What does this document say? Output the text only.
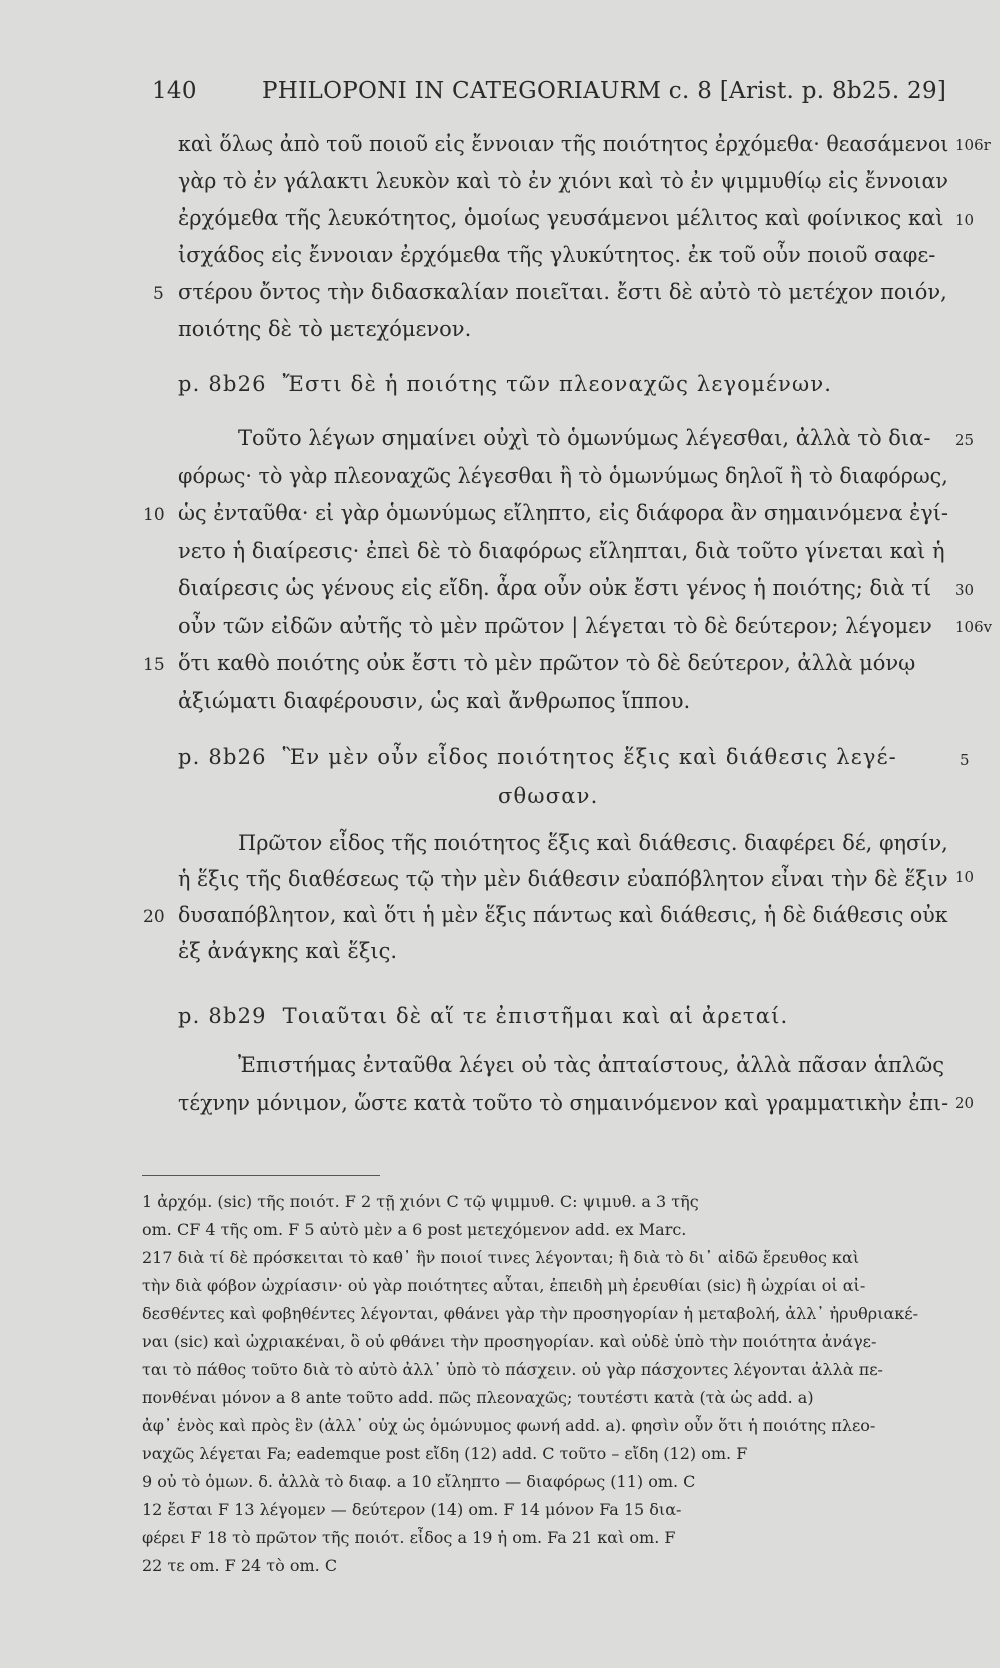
140	PHILOPONI IN CATEGORIAURM c. 8 [Arist. p. 8b25. 29]
καὶ ὅλως ἀπὸ τοῦ ποιοῦ εἰς ἔννοιαν τῆς ποιότητος ἐρχόμεθα· θεασάμενοι
γὰρ τὸ ἐν γάλακτι λευκὸν καὶ τὸ ἐν χιόνι καὶ τὸ ἐν ψιμμυθίῳ εἰς ἔννοιαν
ἐρχόμεθα τῆς λευκότητος, ὁμοίως γευσάμενοι μέλιτος καὶ φοίνικος καὶ
ἰσχάδος εἰς ἔννοιαν ἐρχόμεθα τῆς γλυκύτητος. ἐκ τοῦ οὖν ποιοῦ σαφε-
στέρου ὄντος τὴν διδασκαλίαν ποιεῖται. ἔστι δὲ αὐτὸ τὸ μετέχον ποιόν,
ποιότης δὲ τὸ μετεχόμενον.
p. 8b26 Ἔστι δὲ ἡ ποιότης τῶν πλεοναχῶς λεγομένων.
Τοῦτο λέγων σημαίνει οὐχὶ τὸ ὁμωνύμως λέγεσθαι, ἀλλὰ τὸ δια-
φόρως· τὸ γὰρ πλεοναχῶς λέγεσθαι ἢ τὸ ὁμωνύμως δηλοῖ ἢ τὸ διαφόρως,
ὡς ἐνταῦθα· εἰ γὰρ ὁμωνύμως εἴληπτο, εἰς διάφορα ἂν σημαινόμενα ἐγί-
νετο ἡ διαίρεσις· ἐπεὶ δὲ τὸ διαφόρως εἴληπται, διὰ τοῦτο γίνεται καὶ ἡ
διαίρεσις ὡς γένους εἰς εἴδη. ἆρα οὖν οὐκ ἔστι γένος ἡ ποιότης; διὰ τί
οὖν τῶν εἰδῶν αὐτῆς τὸ μὲν πρῶτον | λέγεται τὸ δὲ δεύτερον; λέγομεν
ὅτι καθὸ ποιότης οὐκ ἔστι τὸ μὲν πρῶτον τὸ δὲ δεύτερον, ἀλλὰ μόνῳ
ἀξιώματι διαφέρουσιν, ὡς καὶ ἄνθρωπος ἵππου.
p. 8b26 Ἓν μὲν οὖν εἶδος ποιότητος ἕξις καὶ διάθεσις λεγέ-
σθωσαν.
Πρῶτον εἶδος τῆς ποιότητος ἕξις καὶ διάθεσις. διαφέρει δέ, φησίν,
ἡ ἕξις τῆς διαθέσεως τῷ τὴν μὲν διάθεσιν εὐαπόβλητον εἶναι τὴν δὲ ἕξιν
δυσαπόβλητον, καὶ ὅτι ἡ μὲν ἕξις πάντως καὶ διάθεσις, ἡ δὲ διάθεσις οὐκ
ἐξ ἀνάγκης καὶ ἕξις.
p. 8b29 Τοιαῦται δὲ αἵ τε ἐπιστῆμαι καὶ αἱ ἀρεταί.
Ἐπιστήμας ἐνταῦθα λέγει οὐ τὰς ἀπταίστους, ἀλλὰ πᾶσαν ἁπλῶς
τέχνην μόνιμον, ὥστε κατὰ τοῦτο τὸ σημαινόμενον καὶ γραμματικὴν ἐπι-
5
10
15
20
106r
10
25
30
106v
5
10
20
1 ἀρχόμ. (sic) τῆς ποιότ. F 2 τῇ χιόνι C τῷ ψιμμυθ. C: ψιμυθ. a 3 τῆς
om. CF 4 τῆς om. F 5 αὐτὸ μὲν a 6 post μετεχόμενον add. ex Marc.
217 διὰ τί δὲ πρόσκειται τὸ καθ᾽ ἣν ποιοί τινες λέγονται; ἢ διὰ τὸ δι᾽ αἰδῶ ἔρευθος καὶ
τὴν διὰ φόβον ὠχρίασιν· οὐ γὰρ ποιότητες αὗται, ἐπειδὴ μὴ ἐρευθίαι (sic) ἢ ὠχρίαι οἱ αἰ-
δεσθέντες καὶ φοβηθέντες λέγονται, φθάνει γὰρ τὴν προσηγορίαν ἡ μεταβολή, ἀλλ᾽ ἠρυθριακέ-
ναι (sic) καὶ ὠχριακέναι, ὃ οὐ φθάνει τὴν προσηγορίαν. καὶ οὐδὲ ὑπὸ τὴν ποιότητα ἀνάγε-
ται τὸ πάθος τοῦτο διὰ τὸ αὐτὸ ἀλλ᾽ ὑπὸ τὸ πάσχειν. οὐ γὰρ πάσχοντες λέγονται ἀλλὰ πε-
πονθέναι μόνον a 8 ante τοῦτο add. πῶς πλεοναχῶς; τουτέστι κατὰ (τὰ ὡς add. a)
ἀφ᾽ ἑνὸς καὶ πρὸς ἓν (ἀλλ᾽ οὐχ ὡς ὁμώνυμος φωνή add. a). φησὶν οὖν ὅτι ἡ ποιότης πλεο-
ναχῶς λέγεται Fa; eademque post εἴδη (12) add. C τοῦτο – εἴδη (12) om. F
9 οὐ τὸ ὁμων. δ. ἀλλὰ τὸ διαφ. a 10 εἴληπτο — διαφόρως (11) om. C
12 ἔσται F 13 λέγομεν — δεύτερον (14) om. F 14 μόνον Fa 15 δια-
φέρει F 18 τὸ πρῶτον τῆς ποιότ. εἶδος a 19 ἡ om. Fa 21 καὶ om. F
22 τε om. F 24 τὸ om. C
